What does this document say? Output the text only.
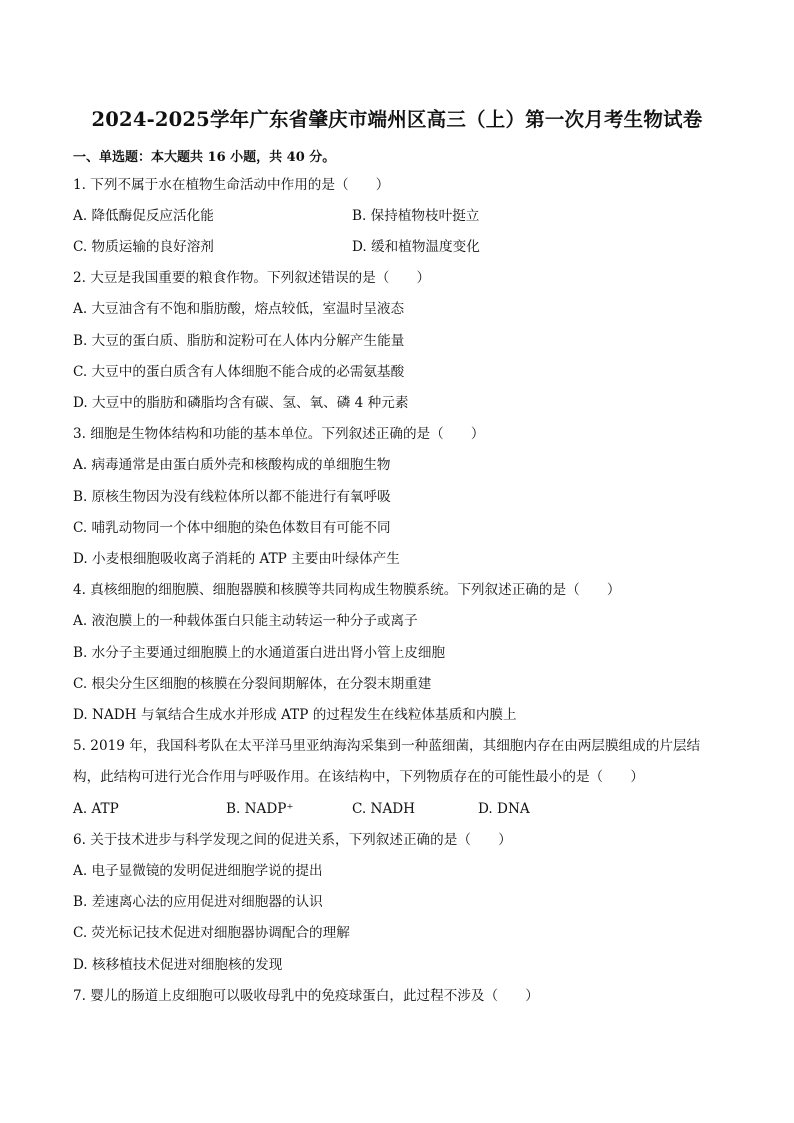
2024-2025学年广东省肇庆市端州区高三（上）第一次月考生物试卷
一、单选题：本大题共 16 小题，共 40 分。
1. 下列不属于水在植物生命活动中作用的是（　　）
A. 降低酶促反应活化能	B. 保持植物枝叶挺立
C. 物质运输的良好溶剂	D. 缓和植物温度变化
2. 大豆是我国重要的粮食作物。下列叙述错误的是（　　）
A. 大豆油含有不饱和脂肪酸，熔点较低，室温时呈液态
B. 大豆的蛋白质、脂肪和淀粉可在人体内分解产生能量
C. 大豆中的蛋白质含有人体细胞不能合成的必需氨基酸
D. 大豆中的脂肪和磷脂均含有碳、氢、氧、磷 4 种元素
3. 细胞是生物体结构和功能的基本单位。下列叙述正确的是（　　）
A. 病毒通常是由蛋白质外壳和核酸构成的单细胞生物
B. 原核生物因为没有线粒体所以都不能进行有氧呼吸
C. 哺乳动物同一个体中细胞的染色体数目有可能不同
D. 小麦根细胞吸收离子消耗的 ATP 主要由叶绿体产生
4. 真核细胞的细胞膜、细胞器膜和核膜等共同构成生物膜系统。下列叙述正确的是（　　）
A. 液泡膜上的一种载体蛋白只能主动转运一种分子或离子
B. 水分子主要通过细胞膜上的水通道蛋白进出肾小管上皮细胞
C. 根尖分生区细胞的核膜在分裂间期解体，在分裂末期重建
D. NADH 与氧结合生成水并形成 ATP 的过程发生在线粒体基质和内膜上
5. 2019 年，我国科考队在太平洋马里亚纳海沟采集到一种蓝细菌，其细胞内存在由两层膜组成的片层结
构，此结构可进行光合作用与呼吸作用。在该结构中，下列物质存在的可能性最小的是（　　）
A. ATP	B. NADP⁺	C. NADH	D. DNA
6. 关于技术进步与科学发现之间的促进关系，下列叙述正确的是（　　）
A. 电子显微镜的发明促进细胞学说的提出
B. 差速离心法的应用促进对细胞器的认识
C. 荧光标记技术促进对细胞器协调配合的理解
D. 核移植技术促进对细胞核的发现
7. 婴儿的肠道上皮细胞可以吸收母乳中的免疫球蛋白，此过程不涉及（　　）
